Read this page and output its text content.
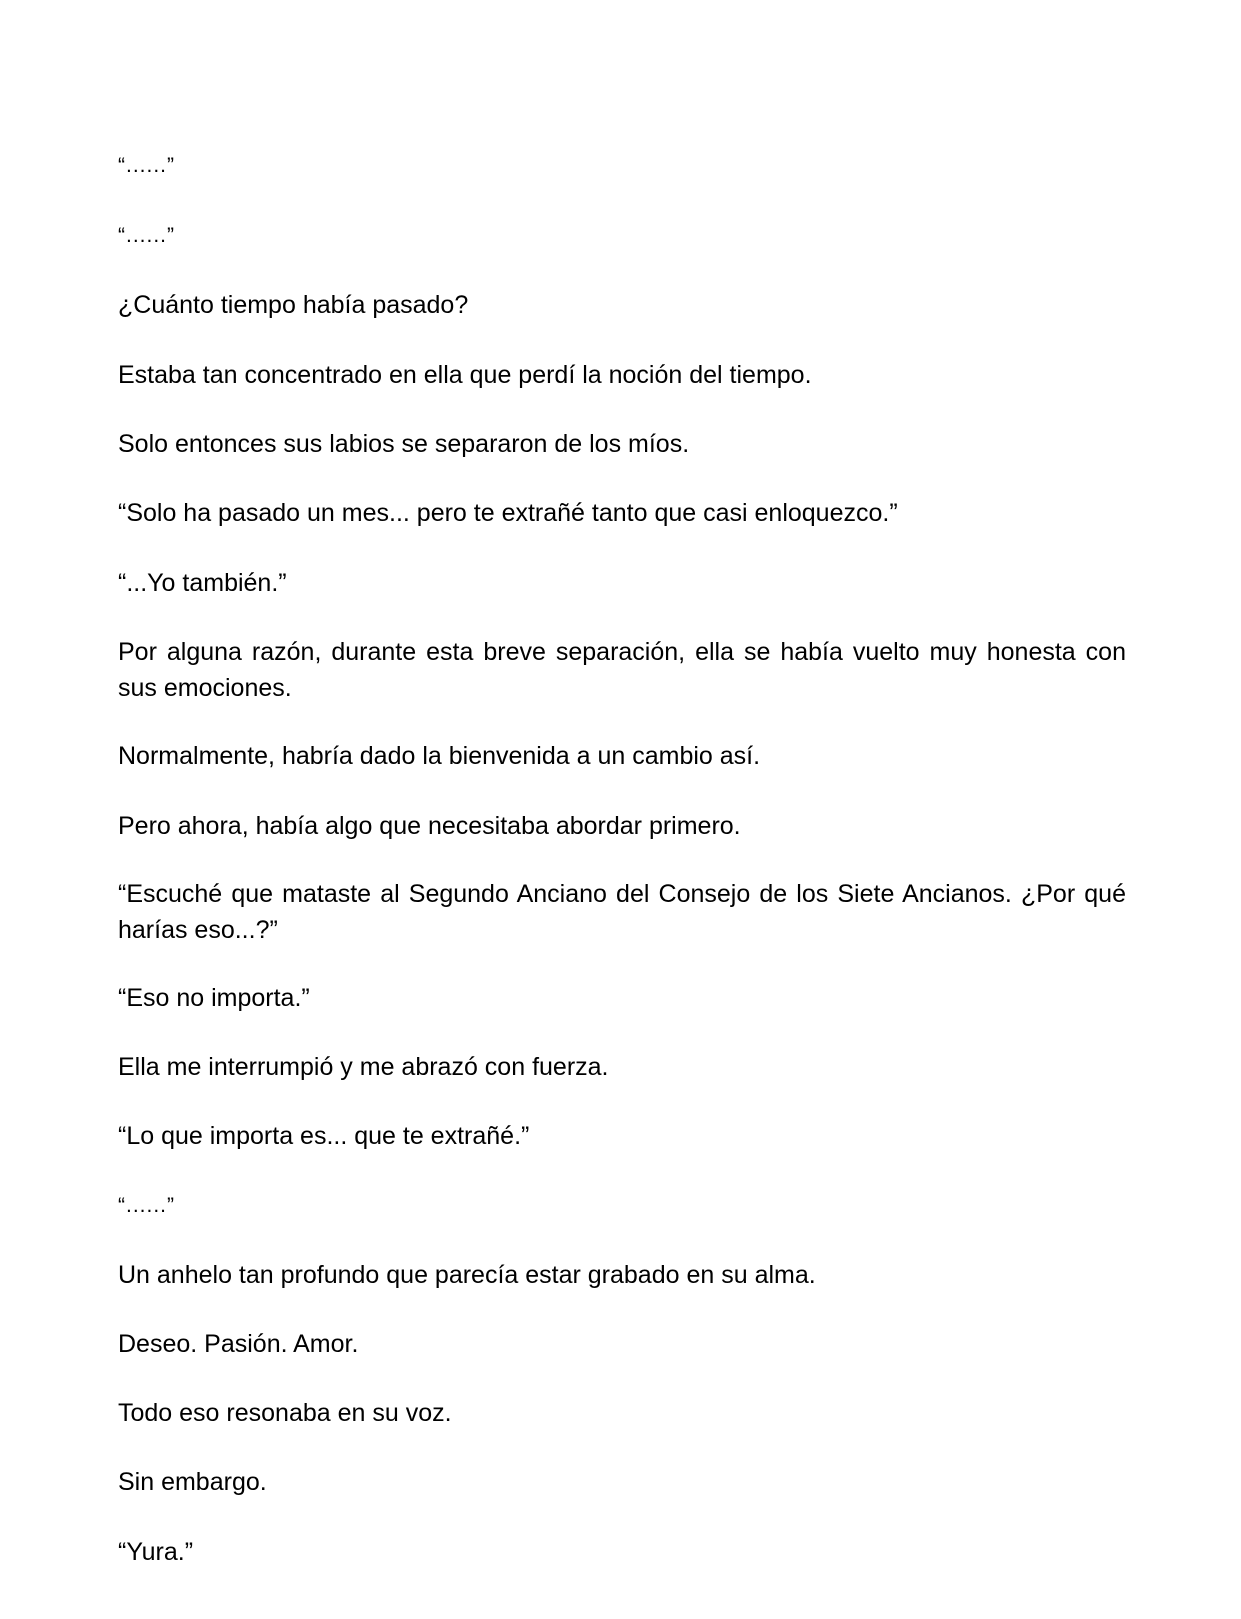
“......”

“......”

¿Cuánto tiempo había pasado?

Estaba tan concentrado en ella que perdí la noción del tiempo.

Solo entonces sus labios se separaron de los míos.

“Solo ha pasado un mes... pero te extrañé tanto que casi enloquezco.”

“...Yo también.”

Por alguna razón, durante esta breve separación, ella se había vuelto muy honesta con sus emociones.

Normalmente, habría dado la bienvenida a un cambio así.

Pero ahora, había algo que necesitaba abordar primero.

“Escuché que mataste al Segundo Anciano del Consejo de los Siete Ancianos. ¿Por qué harías eso...?”

“Eso no importa.”

Ella me interrumpió y me abrazó con fuerza.

“Lo que importa es... que te extrañé.”

“......”

Un anhelo tan profundo que parecía estar grabado en su alma.

Deseo. Pasión. Amor.

Todo eso resonaba en su voz.

Sin embargo.

“Yura.”
